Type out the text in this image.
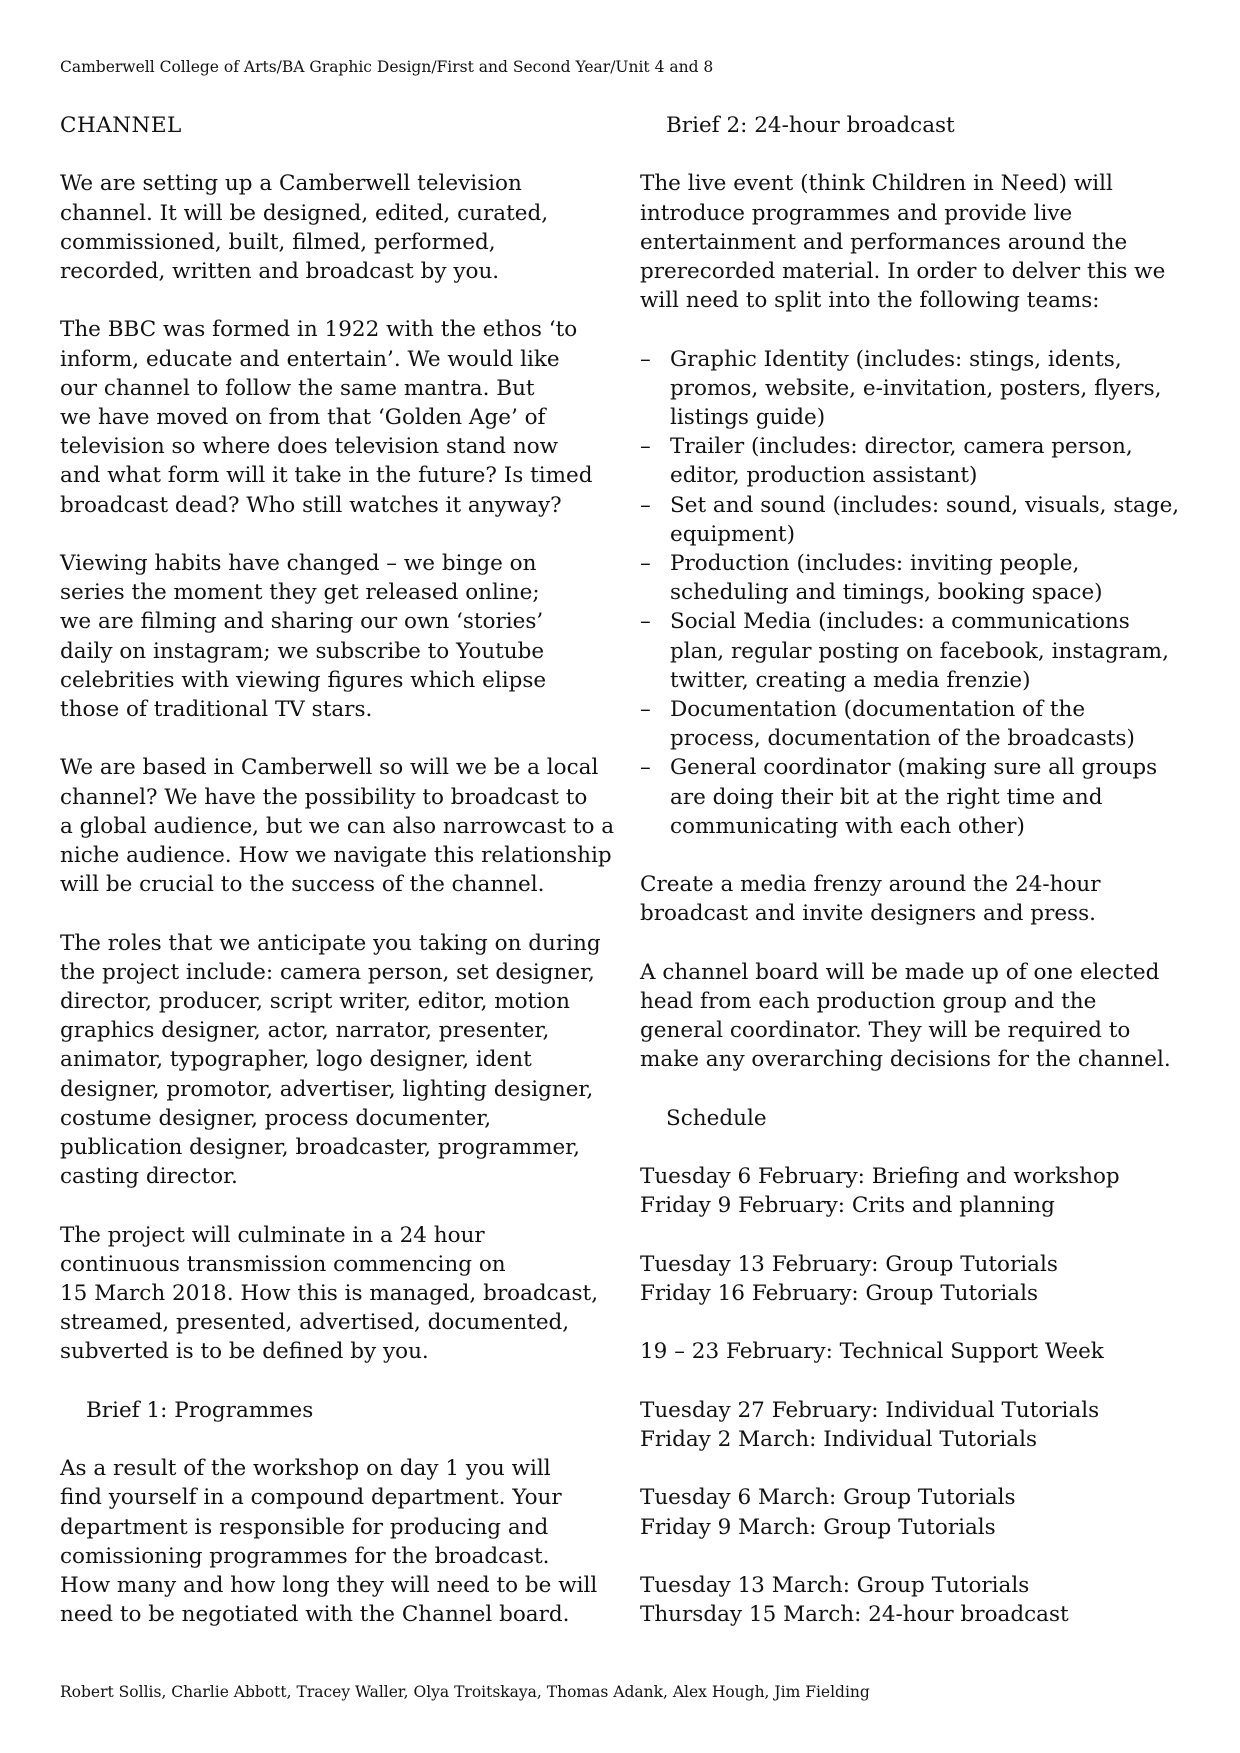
Camberwell College of Arts/BA Graphic Design/First and Second Year/Unit 4 and 8
CHANNEL

We are setting up a Camberwell television
channel. It will be designed, edited, curated,
commissioned, built, filmed, performed,
recorded, written and broadcast by you.

The BBC was formed in 1922 with the ethos ‘to
inform, educate and entertain’. We would like
our channel to follow the same mantra. But
we have moved on from that ‘Golden Age’ of
television so where does television stand now
and what form will it take in the future? Is timed
broadcast dead? Who still watches it anyway?

Viewing habits have changed – we binge on
series the moment they get released online;
we are filming and sharing our own ‘stories’
daily on instagram; we subscribe to Youtube
celebrities with viewing figures which elipse
those of traditional TV stars.

We are based in Camberwell so will we be a local
channel? We have the possibility to broadcast to
a global audience, but we can also narrowcast to a
niche audience. How we navigate this relationship
will be crucial to the success of the channel.

The roles that we anticipate you taking on during
the project include: camera person, set designer,
director, producer, script writer, editor, motion
graphics designer, actor, narrator, presenter,
animator, typographer, logo designer, ident
designer, promotor, advertiser, lighting designer,
costume designer, process documenter,
publication designer, broadcaster, programmer,
casting director.

The project will culminate in a 24 hour
continuous transmission commencing on
15 March 2018. How this is managed, broadcast,
streamed, presented, advertised, documented,
subverted is to be defined by you.

Brief 1: Programmes

As a result of the workshop on day 1 you will
find yourself in a compound department. Your
department is responsible for producing and
comissioning programmes for the broadcast.
How many and how long they will need to be will
need to be negotiated with the Channel board.

Brief 2: 24-hour broadcast

The live event (think Children in Need) will
introduce programmes and provide live
entertainment and performances around the
prerecorded material. In order to delver this we
will need to split into the following teams:

– Graphic Identity (includes: stings, idents,
promos, website, e-invitation, posters, flyers,
listings guide)
– Trailer (includes: director, camera person,
editor, production assistant)
– Set and sound (includes: sound, visuals, stage,
equipment)
– Production (includes: inviting people,
scheduling and timings, booking space)
– Social Media (includes: a communications
plan, regular posting on facebook, instagram,
twitter, creating a media frenzie)
– Documentation (documentation of the
process, documentation of the broadcasts)
– General coordinator (making sure all groups
are doing their bit at the right time and
communicating with each other)

Create a media frenzy around the 24-hour
broadcast and invite designers and press.

A channel board will be made up of one elected
head from each production group and the
general coordinator. They will be required to
make any overarching decisions for the channel.

Schedule
Tuesday 6 February: Briefing and workshop
Friday 9 February: Crits and planning
Tuesday 13 February: Group Tutorials
Friday 16 February: Group Tutorials
19 – 23 February: Technical Support Week
Tuesday 27 February: Individual Tutorials
Friday 2 March: Individual Tutorials
Tuesday 6 March: Group Tutorials
Friday 9 March: Group Tutorials
Tuesday 13 March: Group Tutorials
Thursday 15 March: 24-hour broadcast
Robert Sollis, Charlie Abbott, Tracey Waller, Olya Troitskaya, Thomas Adank, Alex Hough, Jim Fielding
